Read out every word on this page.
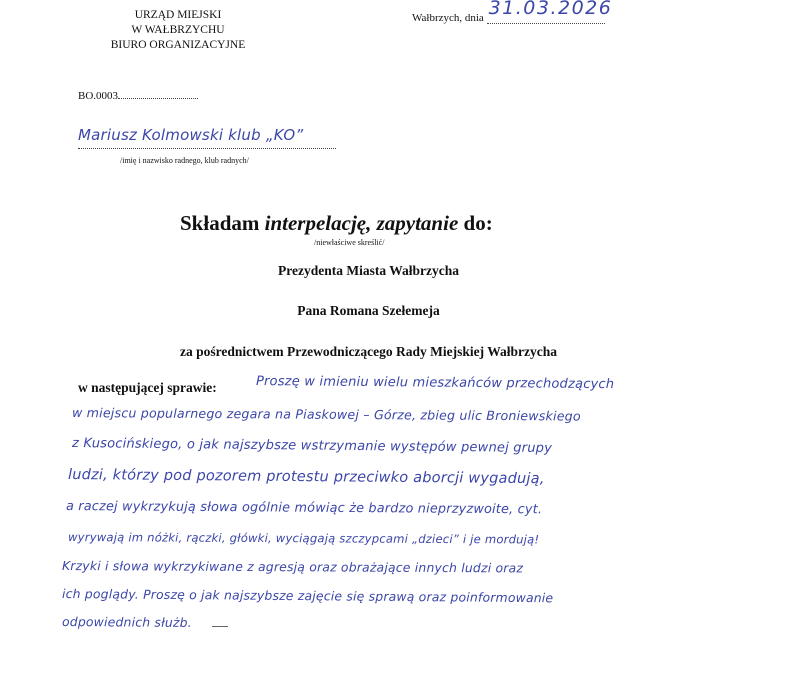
URZĄD MIEJSKI
W WAŁBRZYCHU
BIURO ORGANIZACYJNE
Wałbrzych, dnia 31.03.2026
BO.0003
Mariusz Kolmowski klub „KO”
/imię i nazwisko radnego, klub radnych/
Składam interpelację, zapytanie do:
/niewłaściwe skreślić/
Prezydenta Miasta Wałbrzycha
Pana Romana Szełemeja
za pośrednictwem Przewodniczącego Rady Miejskiej Wałbrzycha
w następującej sprawie:	Proszę w imieniu wielu mieszkańców przechodzących
w miejscu popularnego zegara na Piaskowej – Górze, zbieg ulic Broniewskiego
z Kusocińskiego, o jak najszybsze wstrzymanie występów pewnej grupy
ludzi, którzy pod pozorem protestu przeciwko aborcji wygadują,
a raczej wykrzykują słowa ogólnie mówiąc że bardzo nieprzyzwoite, cyt.
wyrywają im nóżki, rączki, główki, wyciągają szczypcami „dzieci” i je mordują!
Krzyki i słowa wykrzykiwane z agresją oraz obrażające innych ludzi oraz
ich poglądy. Proszę o jak najszybsze zajęcie się sprawą oraz poinformowanie
odpowiednich służb.
